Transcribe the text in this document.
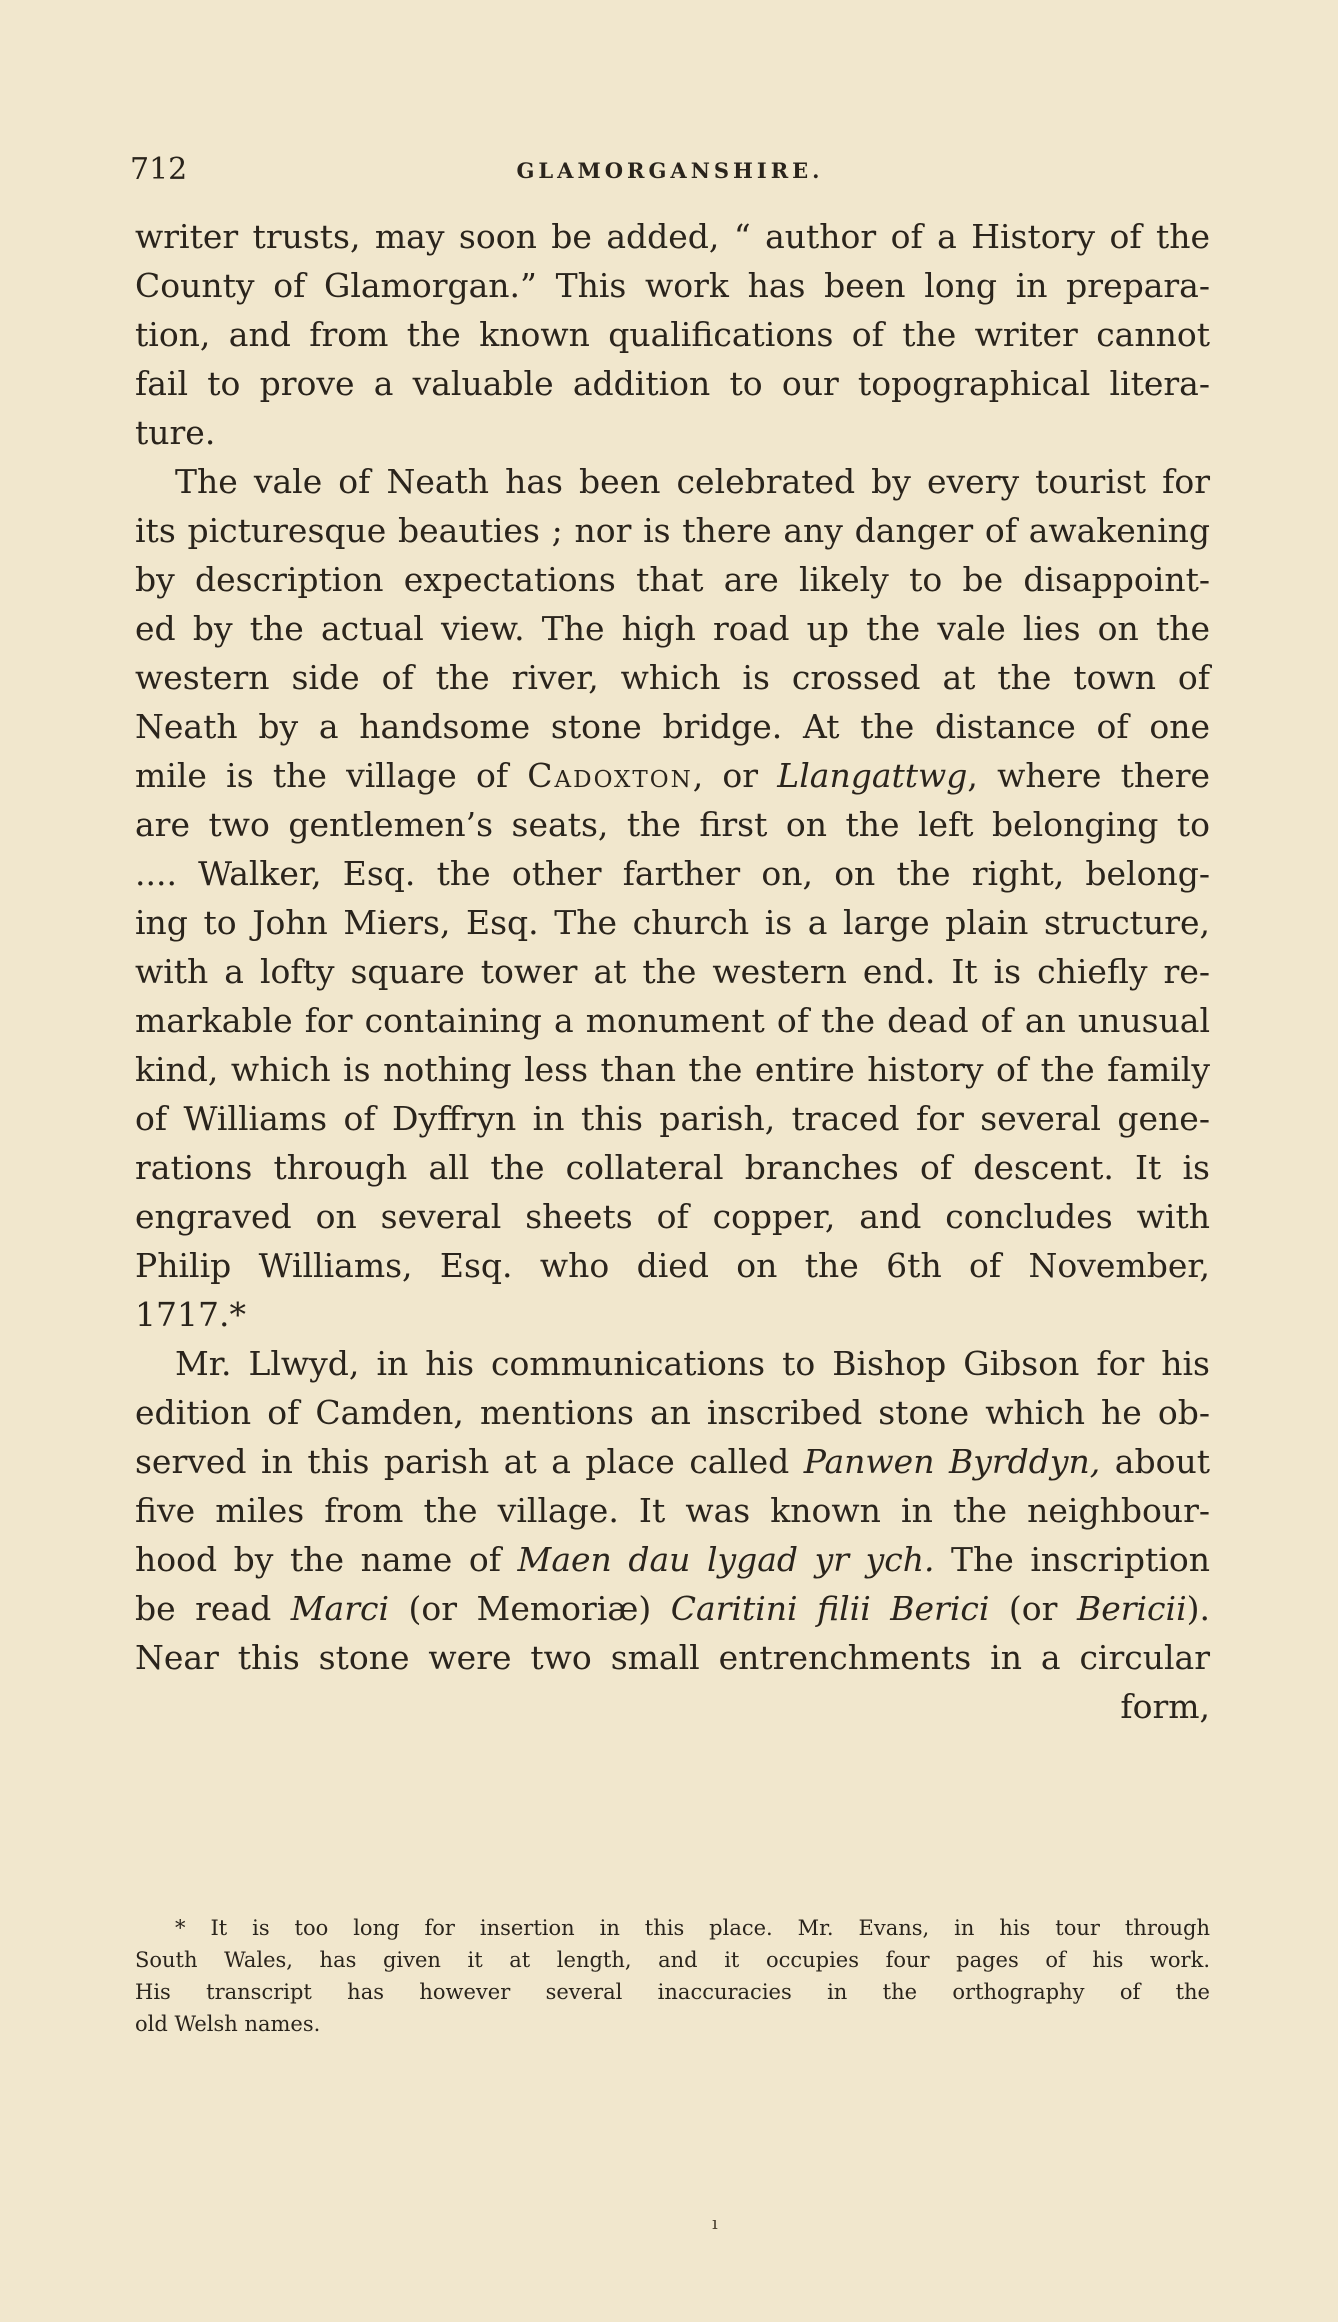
712	GLAMORGANSHIRE.
writer trusts, may soon be added, “ author of a History of the
County of Glamorgan.” This work has been long in prepara-
tion, and from the known qualifications of the writer cannot
fail to prove a valuable addition to our topographical litera-
ture.
The vale of Neath has been celebrated by every tourist for
its picturesque beauties ; nor is there any danger of awakening
by description expectations that are likely to be disappoint-
ed by the actual view. The high road up the vale lies on the
western side of the river, which is crossed at the town of
Neath by a handsome stone bridge. At the distance of one
mile is the village of Cadoxton, or Llangattwg, where there
are two gentlemen’s seats, the first on the left belonging to
.... Walker, Esq. the other farther on, on the right, belong-
ing to John Miers, Esq. The church is a large plain structure,
with a lofty square tower at the western end. It is chiefly re-
markable for containing a monument of the dead of an unusual
kind, which is nothing less than the entire history of the family
of Williams of Dyffryn in this parish, traced for several gene-
rations through all the collateral branches of descent. It is
engraved on several sheets of copper, and concludes with
Philip Williams, Esq. who died on the 6th of November,
1717.*
Mr. Llwyd, in his communications to Bishop Gibson for his
edition of Camden, mentions an inscribed stone which he ob-
served in this parish at a place called Panwen Byrddyn, about
five miles from the village. It was known in the neighbour-
hood by the name of Maen dau lygad yr ych. The inscription
be read Marci (or Memoriæ) Caritini filii Berici (or Bericii).
Near this stone were two small entrenchments in a circular
form,
* It is too long for insertion in this place. Mr. Evans, in his tour through
South Wales, has given it at length, and it occupies four pages of his work.
His transcript has however several inaccuracies in the orthography of the
old Welsh names.
ı
